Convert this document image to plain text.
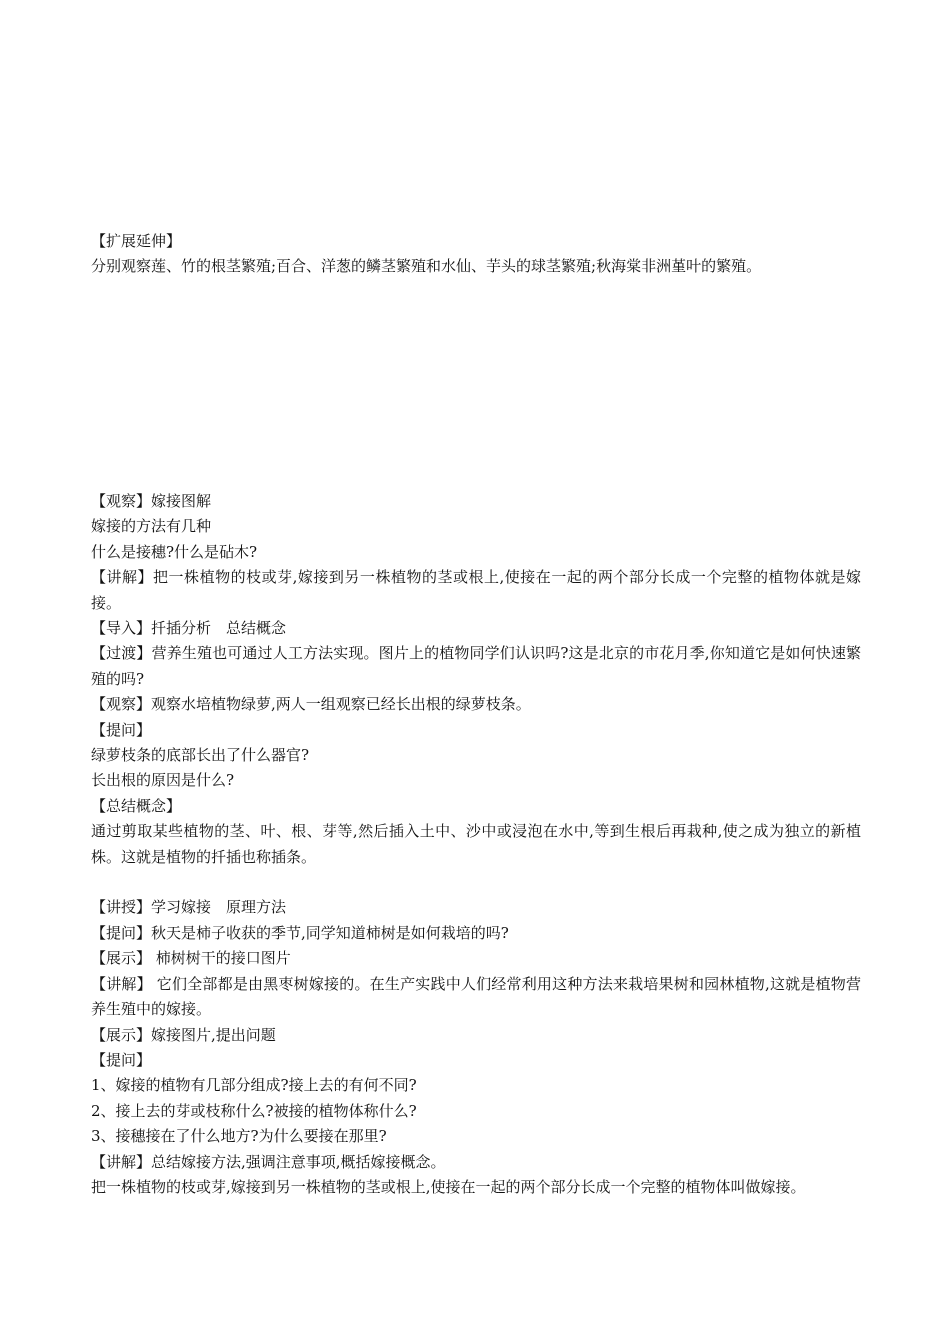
【扩展延伸】

分别观察莲、竹的根茎繁殖;百合、洋葱的鳞茎繁殖和水仙、芋头的球茎繁殖;秋海棠非洲堇叶的繁殖。

【观察】嫁接图解

嫁接的方法有几种

什么是接穗?什么是砧木?

【讲解】把一株植物的枝或芽,嫁接到另一株植物的茎或根上,使接在一起的两个部分长成一个完整的植物体就是嫁接。

【导入】扦插分析　总结概念

【过渡】营养生殖也可通过人工方法实现。图片上的植物同学们认识吗?这是北京的市花月季,你知道它是如何快速繁殖的吗?

【观察】观察水培植物绿萝,两人一组观察已经长出根的绿萝枝条。

【提问】

绿萝枝条的底部长出了什么器官?

长出根的原因是什么?

【总结概念】

通过剪取某些植物的茎、叶、根、芽等,然后插入土中、沙中或浸泡在水中,等到生根后再栽种,使之成为独立的新植株。这就是植物的扦插也称插条。

【讲授】学习嫁接　原理方法

【提问】秋天是柿子收获的季节,同学知道柿树是如何栽培的吗?

【展示】 柿树树干的接口图片

【讲解】 它们全部都是由黑枣树嫁接的。在生产实践中人们经常利用这种方法来栽培果树和园林植物,这就是植物营养生殖中的嫁接。

【展示】嫁接图片,提出问题

【提问】

1、嫁接的植物有几部分组成?接上去的有何不同?

2、接上去的芽或枝称什么?被接的植物体称什么?

3、接穗接在了什么地方?为什么要接在那里?

【讲解】总结嫁接方法,强调注意事项,概括嫁接概念。

把一株植物的枝或芽,嫁接到另一株植物的茎或根上,使接在一起的两个部分长成一个完整的植物体叫做嫁接。
